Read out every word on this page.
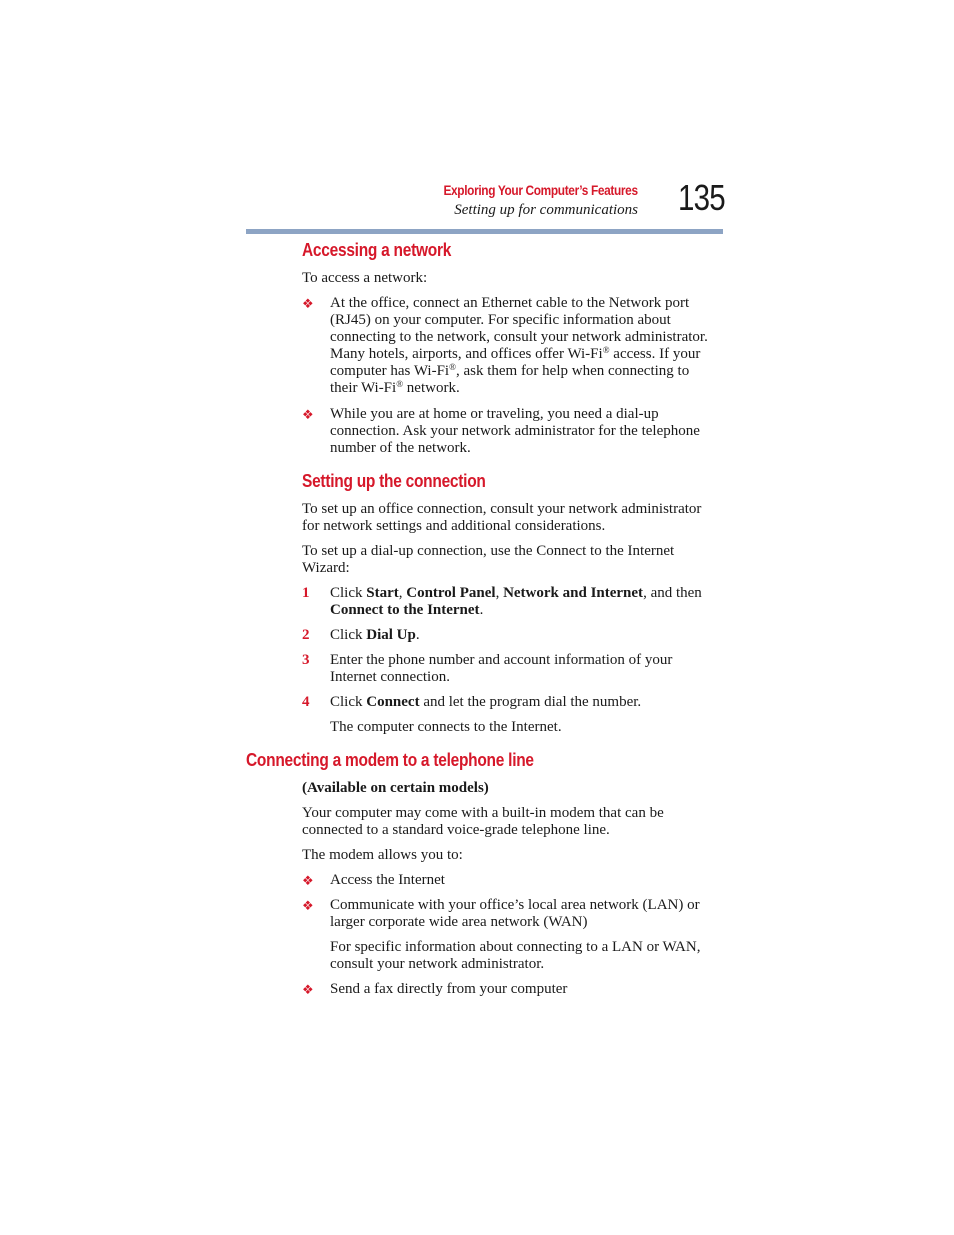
Exploring Your Computer’s Features
Setting up for communications 135
Accessing a network
To access a network:
❖	At the office, connect an Ethernet cable to the Network port
(RJ45) on your computer. For specific information about
connecting to the network, consult your network administrator.
Many hotels, airports, and offices offer Wi-Fi® access. If your
computer has Wi-Fi®, ask them for help when connecting to
their Wi-Fi® network.
❖	While you are at home or traveling, you need a dial-up
connection. Ask your network administrator for the telephone
number of the network.
Setting up the connection
To set up an office connection, consult your network administrator
for network settings and additional considerations.
To set up a dial-up connection, use the Connect to the Internet
Wizard:
1	Click Start, Control Panel, Network and Internet, and then
Connect to the Internet.
2	Click Dial Up.
3	Enter the phone number and account information of your
Internet connection.
4	Click Connect and let the program dial the number.
The computer connects to the Internet.
Connecting a modem to a telephone line
(Available on certain models)
Your computer may come with a built-in modem that can be
connected to a standard voice-grade telephone line.
The modem allows you to:
❖	Access the Internet
❖	Communicate with your office’s local area network (LAN) or
larger corporate wide area network (WAN)
For specific information about connecting to a LAN or WAN,
consult your network administrator.
❖	Send a fax directly from your computer
